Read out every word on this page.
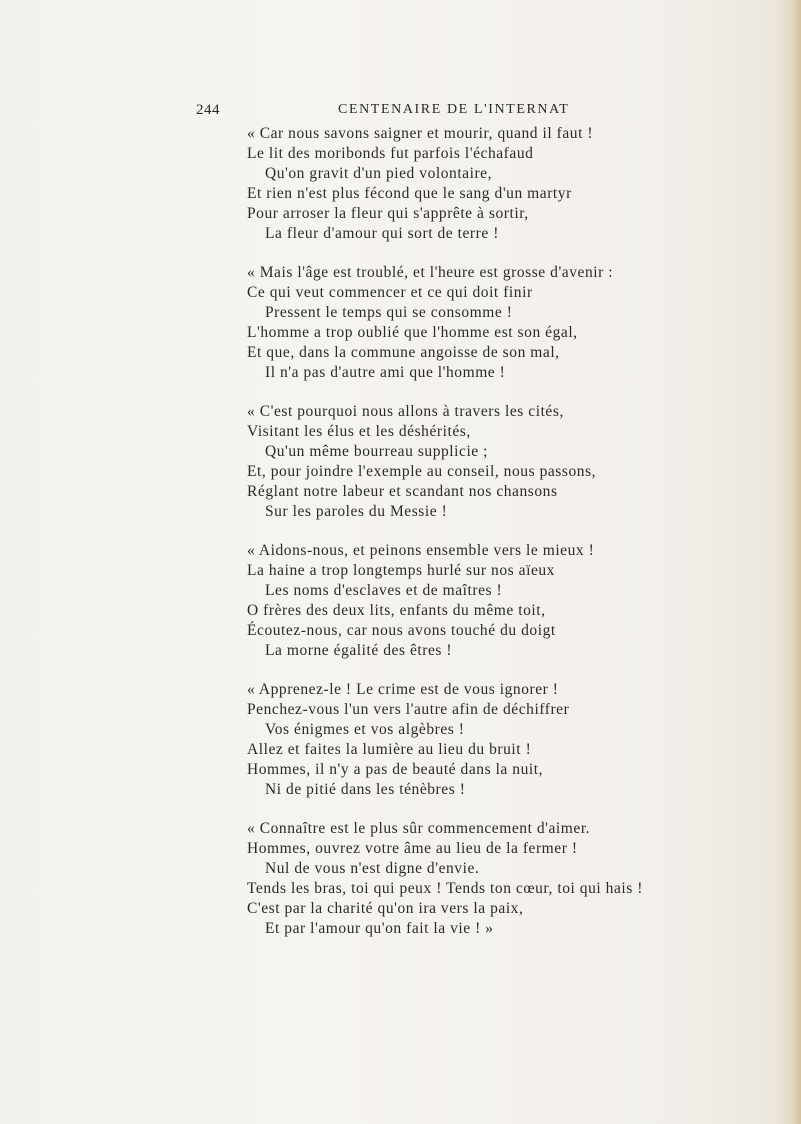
244	CENTENAIRE DE L'INTERNAT
« Car nous savons saigner et mourir, quand il faut !
Le lit des moribonds fut parfois l'échafaud
Qu'on gravit d'un pied volontaire,
Et rien n'est plus fécond que le sang d'un martyr
Pour arroser la fleur qui s'apprête à sortir,
La fleur d'amour qui sort de terre !
« Mais l'âge est troublé, et l'heure est grosse d'avenir :
Ce qui veut commencer et ce qui doit finir
Pressent le temps qui se consomme !
L'homme a trop oublié que l'homme est son égal,
Et que, dans la commune angoisse de son mal,
Il n'a pas d'autre ami que l'homme !
« C'est pourquoi nous allons à travers les cités,
Visitant les élus et les déshérités,
Qu'un même bourreau supplicie ;
Et, pour joindre l'exemple au conseil, nous passons,
Réglant notre labeur et scandant nos chansons
Sur les paroles du Messie !
« Aidons-nous, et peinons ensemble vers le mieux !
La haine a trop longtemps hurlé sur nos aïeux
Les noms d'esclaves et de maîtres !
O frères des deux lits, enfants du même toit,
Écoutez-nous, car nous avons touché du doigt
La morne égalité des êtres !
« Apprenez-le ! Le crime est de vous ignorer !
Penchez-vous l'un vers l'autre afin de déchiffrer
Vos énigmes et vos algèbres !
Allez et faites la lumière au lieu du bruit !
Hommes, il n'y a pas de beauté dans la nuit,
Ni de pitié dans les ténèbres !
« Connaître est le plus sûr commencement d'aimer.
Hommes, ouvrez votre âme au lieu de la fermer !
Nul de vous n'est digne d'envie.
Tends les bras, toi qui peux ! Tends ton cœur, toi qui hais !
C'est par la charité qu'on ira vers la paix,
Et par l'amour qu'on fait la vie ! »
